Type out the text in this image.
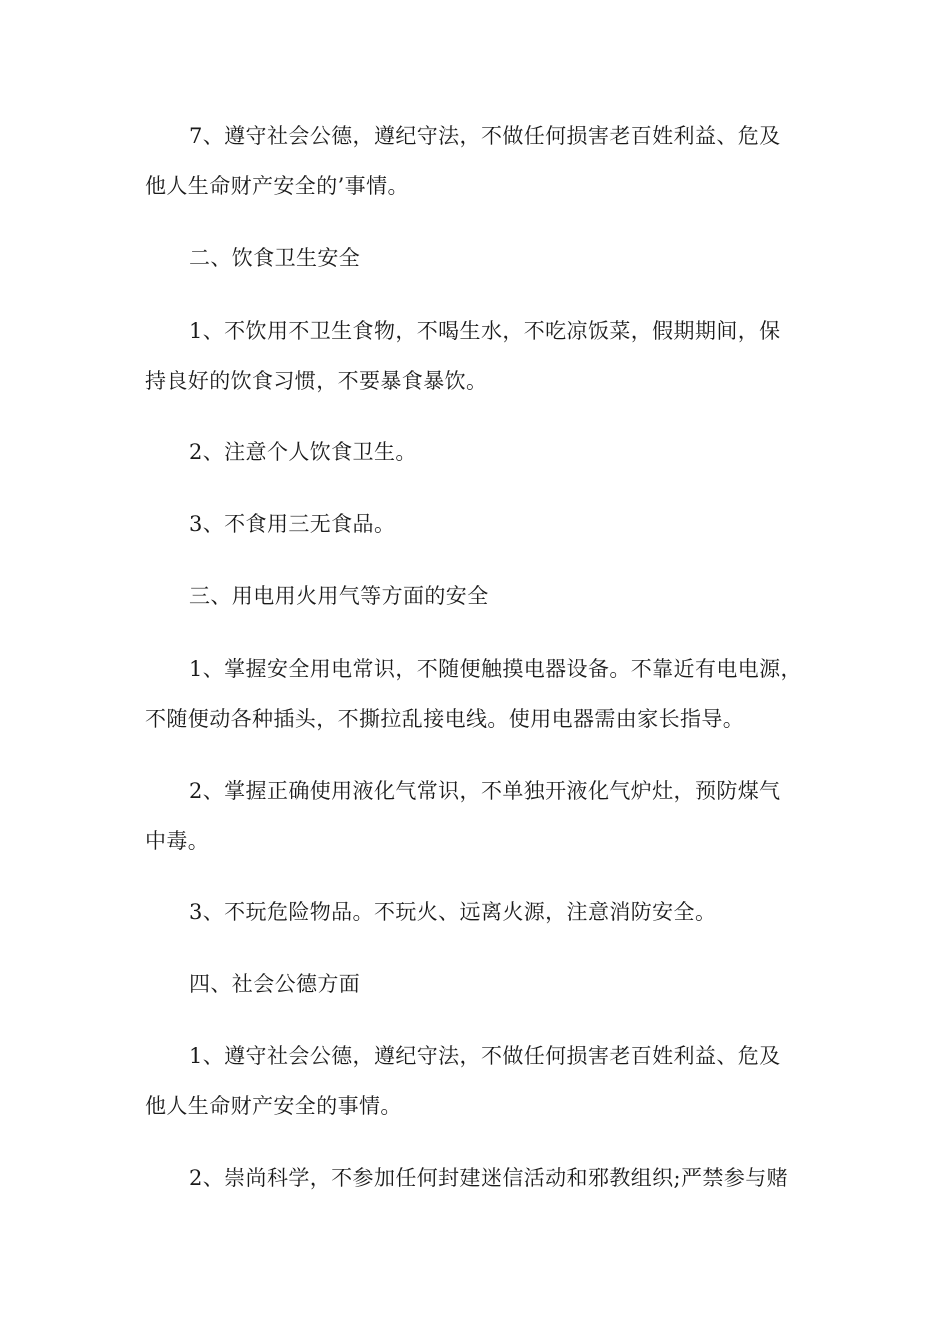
7、遵守社会公德，遵纪守法，不做任何损害老百姓利益、危及
他人生命财产安全的’事情。
二、饮食卫生安全
1、不饮用不卫生食物，不喝生水，不吃凉饭菜，假期期间，保
持良好的饮食习惯，不要暴食暴饮。
2、注意个人饮食卫生。
3、不食用三无食品。
三、用电用火用气等方面的安全
1、掌握安全用电常识，不随便触摸电器设备。不靠近有电电源，
不随便动各种插头，不撕拉乱接电线。使用电器需由家长指导。
2、掌握正确使用液化气常识，不单独开液化气炉灶，预防煤气
中毒。
3、不玩危险物品。不玩火、远离火源，注意消防安全。
四、社会公德方面
1、遵守社会公德，遵纪守法，不做任何损害老百姓利益、危及
他人生命财产安全的事情。
2、崇尚科学，不参加任何封建迷信活动和邪教组织;严禁参与赌
